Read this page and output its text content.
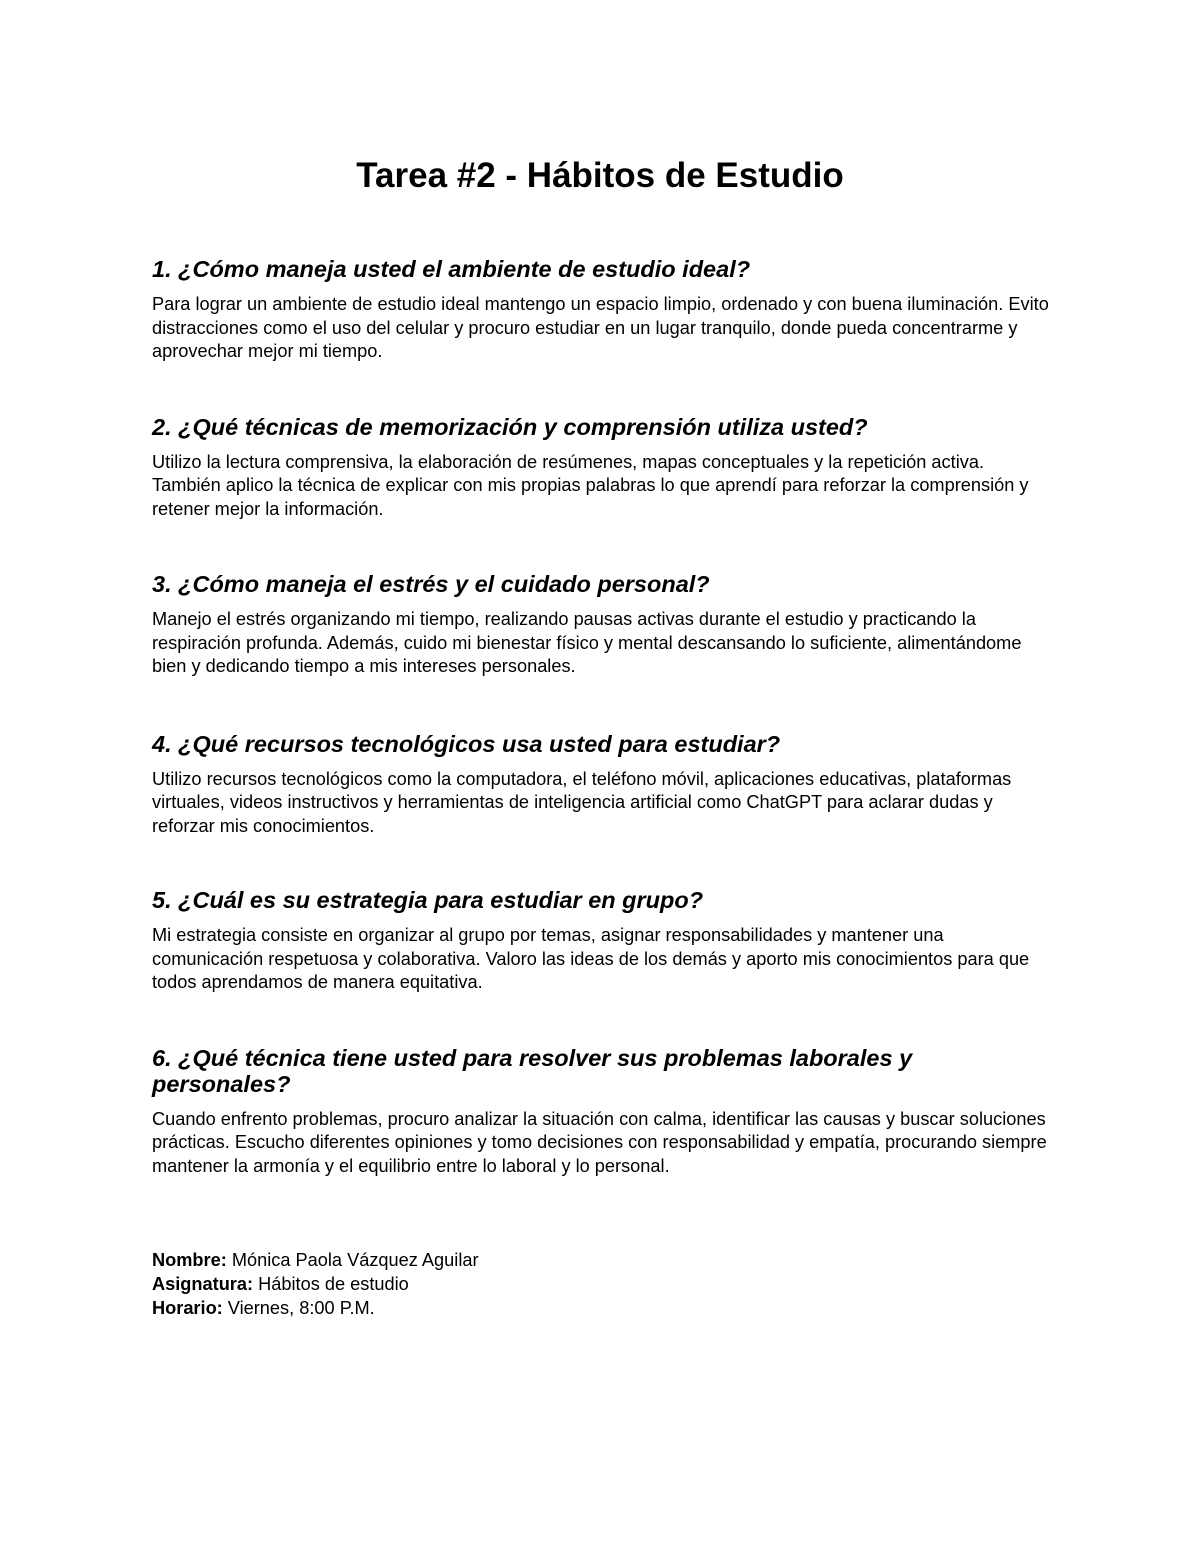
Tarea #2 - Hábitos de Estudio

1. ¿Cómo maneja usted el ambiente de estudio ideal?

Para lograr un ambiente de estudio ideal mantengo un espacio limpio, ordenado y con buena iluminación. Evito distracciones como el uso del celular y procuro estudiar en un lugar tranquilo, donde pueda concentrarme y aprovechar mejor mi tiempo.

2. ¿Qué técnicas de memorización y comprensión utiliza usted?

Utilizo la lectura comprensiva, la elaboración de resúmenes, mapas conceptuales y la repetición activa. También aplico la técnica de explicar con mis propias palabras lo que aprendí para reforzar la comprensión y retener mejor la información.

3. ¿Cómo maneja el estrés y el cuidado personal?

Manejo el estrés organizando mi tiempo, realizando pausas activas durante el estudio y practicando la respiración profunda. Además, cuido mi bienestar físico y mental descansando lo suficiente, alimentándome bien y dedicando tiempo a mis intereses personales.

4. ¿Qué recursos tecnológicos usa usted para estudiar?

Utilizo recursos tecnológicos como la computadora, el teléfono móvil, aplicaciones educativas, plataformas virtuales, videos instructivos y herramientas de inteligencia artificial como ChatGPT para aclarar dudas y reforzar mis conocimientos.

5. ¿Cuál es su estrategia para estudiar en grupo?

Mi estrategia consiste en organizar al grupo por temas, asignar responsabilidades y mantener una comunicación respetuosa y colaborativa. Valoro las ideas de los demás y aporto mis conocimientos para que todos aprendamos de manera equitativa.

6. ¿Qué técnica tiene usted para resolver sus problemas laborales y personales?

Cuando enfrento problemas, procuro analizar la situación con calma, identificar las causas y buscar soluciones prácticas. Escucho diferentes opiniones y tomo decisiones con responsabilidad y empatía, procurando siempre mantener la armonía y el equilibrio entre lo laboral y lo personal.

Nombre: Mónica Paola Vázquez Aguilar

Asignatura: Hábitos de estudio

Horario: Viernes, 8:00 P.M.
